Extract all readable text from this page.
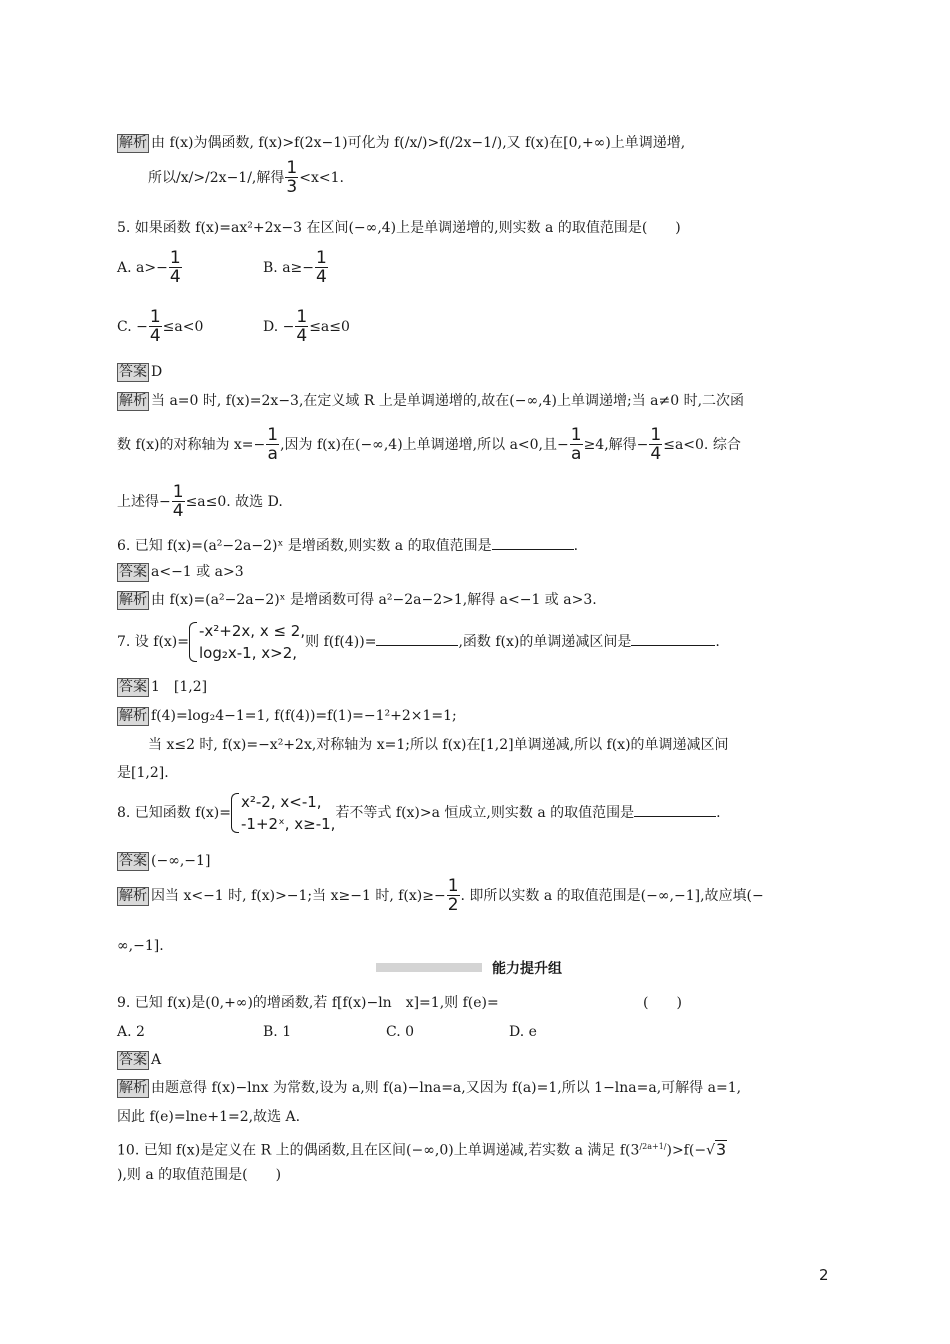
解析 由 f(x)为偶函数, f(x)>f(2x−1)可化为 f(/x/)>f(/2x−1/),又 f(x)在[0,+∞)上单调递增,
所以/x/>/2x−1/,解得 $\frac{1}{3} <x<1$.
5. 如果函数 f(x)=ax²+2x−3 在区间(−∞,4)上是单调递增的,则实数 a 的取值范围是(　　)
A. $a>- \frac{1}{4}$	B. $a\ge- \frac{1}{4}$
C. − $\frac{1}{4} \le a<0$	D. − $\frac{1}{4} \le a\le 0$
答案 D
解析 当 a=0 时, f(x)=2x−3,在定义域 R 上是单调递增的,故在(−∞,4)上单调递增;当 a≠0 时,二次函
数 f(x)的对称轴为 $x=- \frac{1}{a}$ ,因为 f(x)在(−∞,4)上单调递增,所以 a<0,且− $\frac{1}{a} \ge 4$,解得− $\frac{1}{4} \le a<0$. 综合
上述得− $\frac{1}{4} \le a\le 0$. 故选 D.
6. 已知 f(x)=(a²−2a−2)ˣ 是增函数,则实数 a 的取值范围是	.
答案 a<−1 或 a>3
解析 由 f(x)=(a²−2a−2)ˣ 是增函数可得 a²−2a−2>1,解得 a<−1 或 a>3.
7. 设 f(x)=
-x²+2x, x ≤ 2,
log₂x-1, x>2,
则 f(f(4))=	,函数 f(x)的单调递减区间是	.
答案 1　[1,2]
解析 f(4)=log₂4−1=1, f(f(4))=f(1)=−1²+2×1=1;
当 x≤2 时, f(x)=−x²+2x,对称轴为 x=1;所以 f(x)在[1,2]单调递减,所以 f(x)的单调递减区间
是[1,2].
8. 已知函数 f(x)=
x²-2, x<-1,
-1+2ˣ, x≥-1,
若不等式 f(x)>a 恒成立,则实数 a 的取值范围是	.
答案 (−∞,−1]
解析 因当 x<−1 时, f(x)>−1;当 x≥−1 时, $f(x)\ge- \frac{1}{2}$ . 即所以实数 a 的取值范围是(−∞,−1],故应填(−
∞,−1].
能力提升组
9. 已知 f(x)是(0,+∞)的增函数,若 f[f(x)−ln　x]=1,则 f(e)=	(　　)
A. 2	B. 1	C. 0	D. e
答案 A
解析 由题意得 f(x)−lnx 为常数,设为 a,则 f(a)−lna=a,又因为 f(a)=1,所以 1−lna=a,可解得 a=1,
因此 f(e)=lne+1=2,故选 A.
10. 已知 f(x)是定义在 R 上的偶函数,且在区间(−∞,0)上单调递减,若实数 a 满足 $f(3^{/2a+1/})>f(-√3$
),则 a 的取值范围是(　　)
2
